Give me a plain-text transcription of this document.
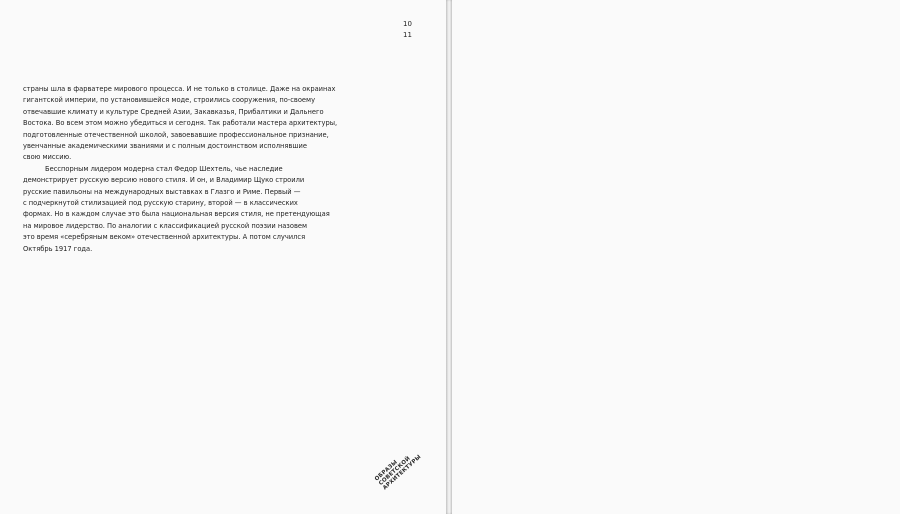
10
11

страны шла в фарватере мирового процесса. И не только в столице. Даже на окраинах
гигантской империи, по установившейся моде, строились сооружения, по-своему
отвечавшие климату и культуре Средней Азии, Закавказья, Прибалтики и Дальнего
Востока. Во всем этом можно убедиться и сегодня. Так работали мастера архитектуры,
подготовленные отечественной школой, завоевавшие профессиональное признание,
увенчанные академическими званиями и с полным достоинством исполнявшие
свою миссию.

Бесспорным лидером модерна стал Федор Шехтель, чье наследие
демонстрирует русскую версию нового стиля. И он, и Владимир Щуко строили
русские павильоны на международных выставках в Глазго и Риме. Первый —
с подчеркнутой стилизацией под русскую старину, второй — в классических
формах. Но в каждом случае это была национальная версия стиля, не претендующая
на мировое лидерство. По аналогии с классификацией русской поэзии назовем
это время «серебряным веком» отечественной архитектуры. А потом случился
Октябрь 1917 года.

ОБРАЗЫ
СОВЕТСКОЙ
АРХИТЕКТУРЫ
